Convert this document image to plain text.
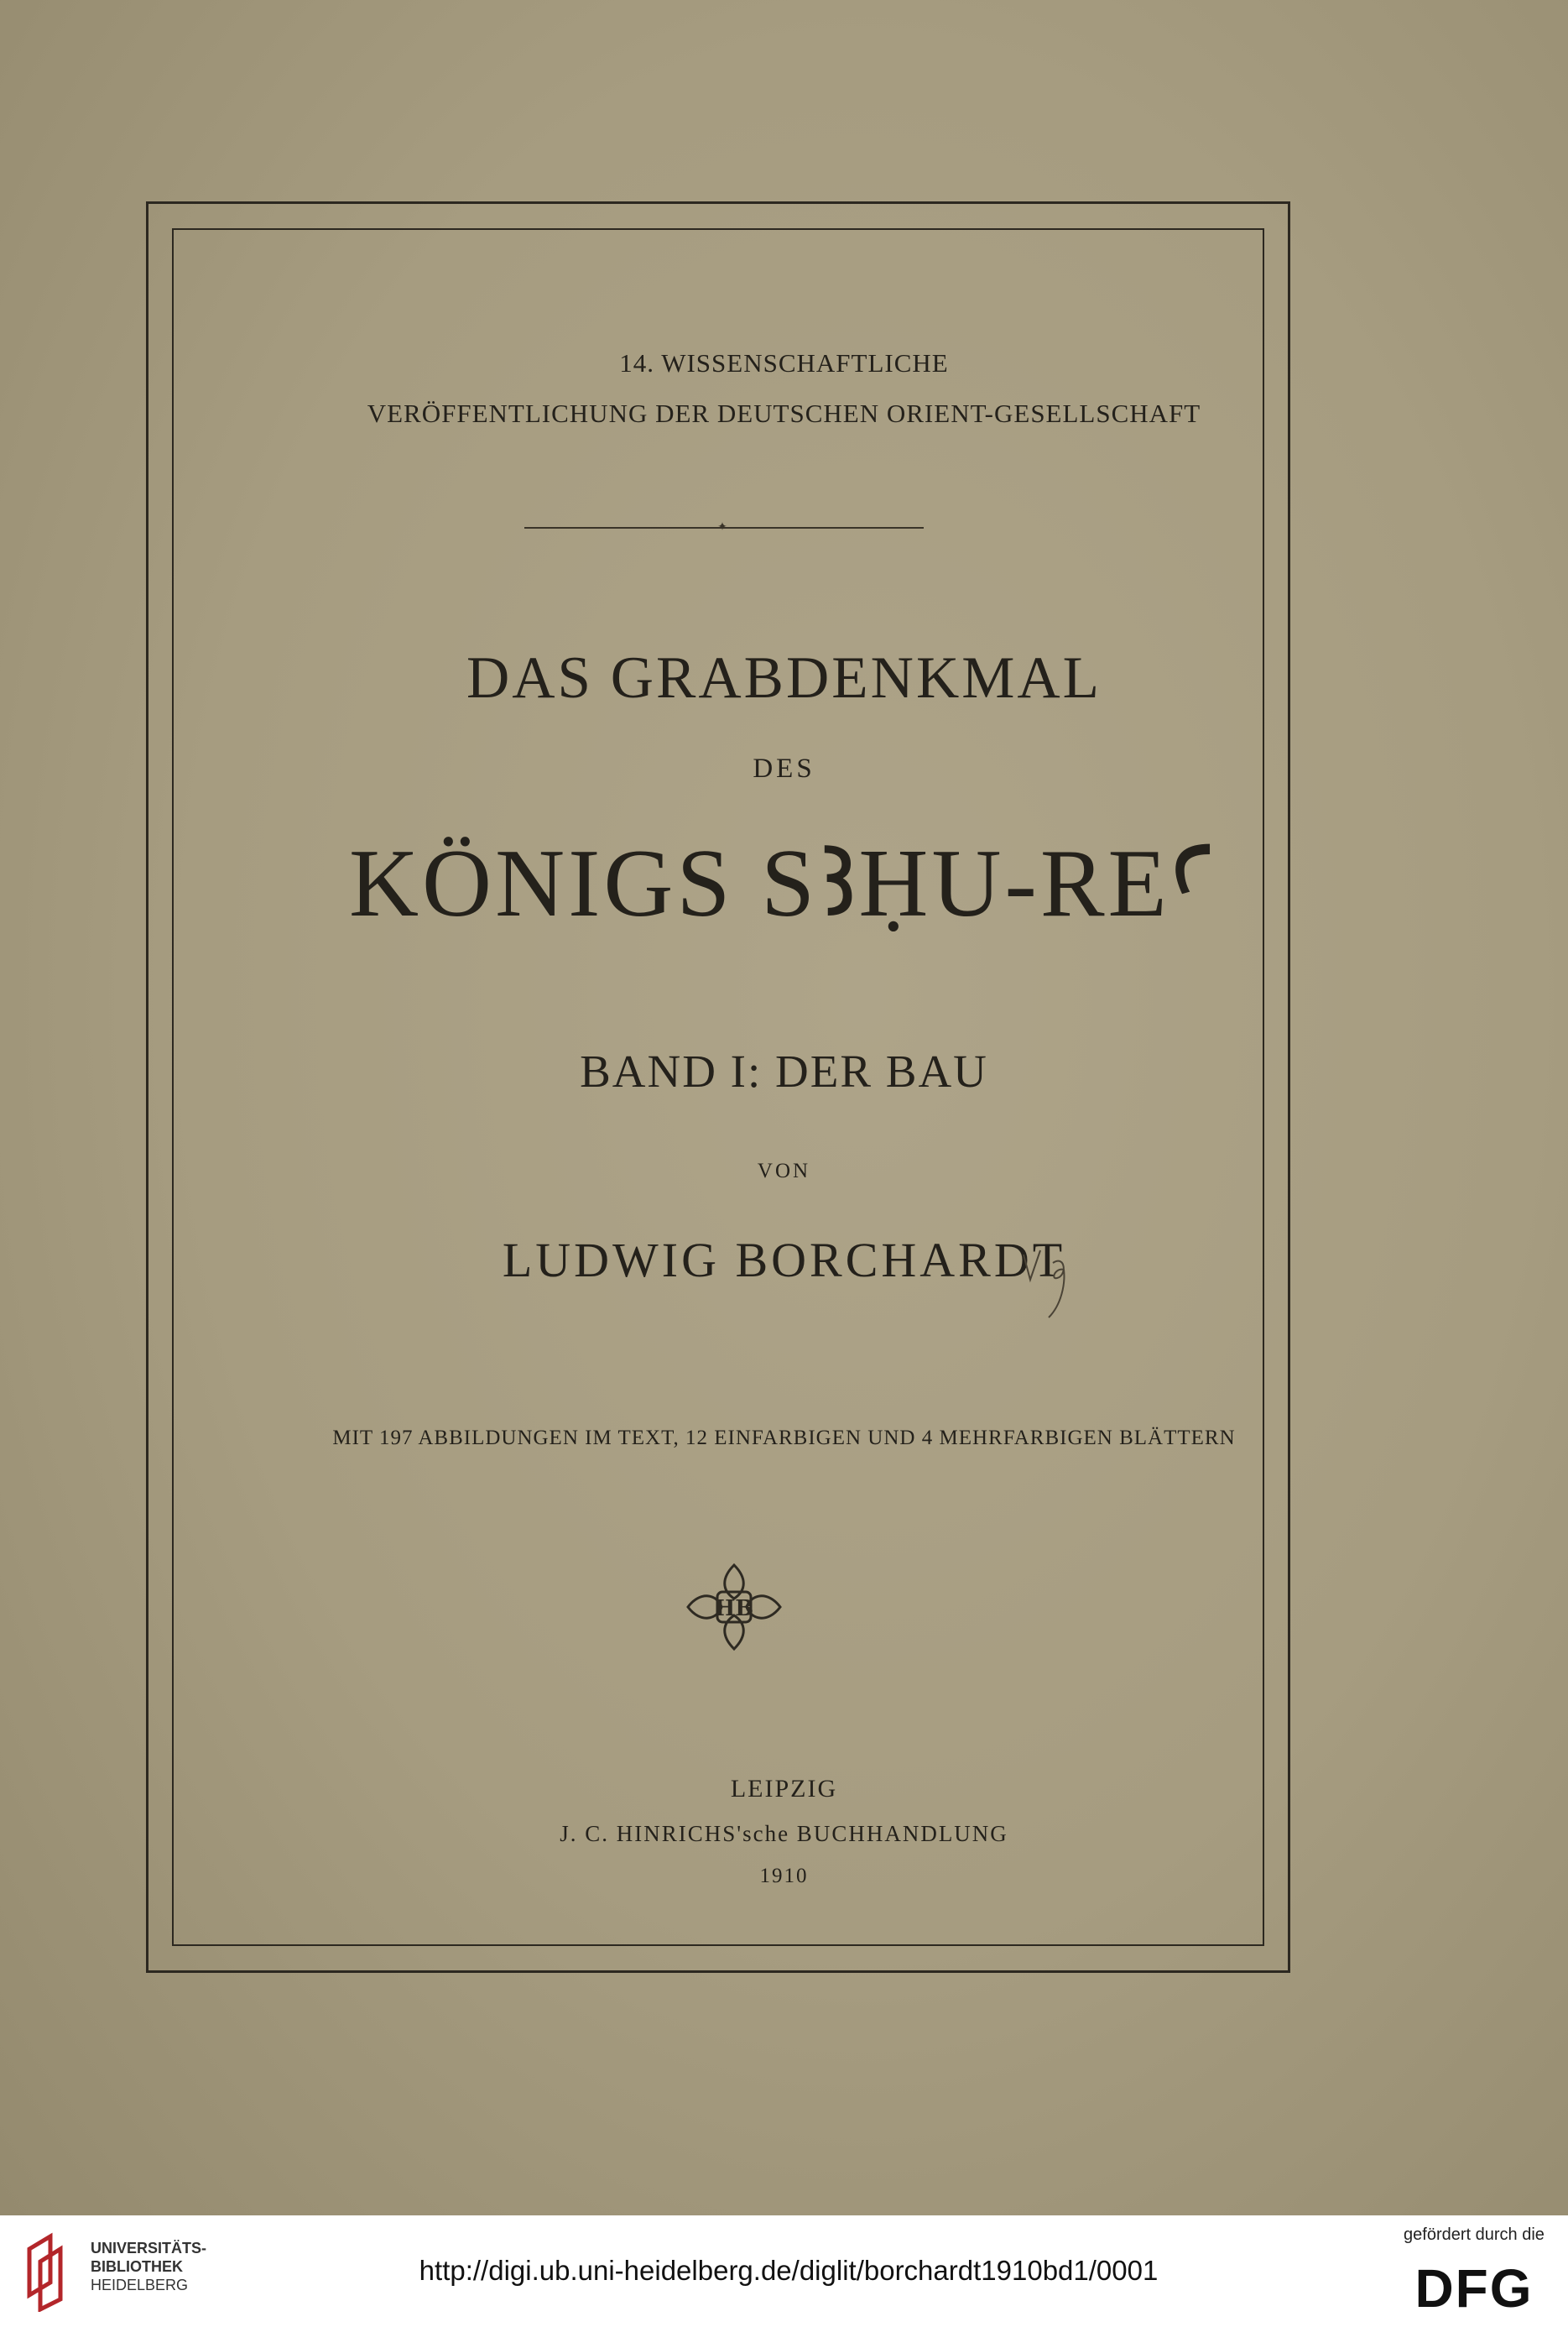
14. WISSENSCHAFTLICHE
VERÖFFENTLICHUNG DER DEUTSCHEN ORIENT-GESELLSCHAFT
✦
DAS GRABDENKMAL
DES
KÖNIGS SꜢḤU-REꜤ
BAND I: DER BAU
VON
LUDWIG BORCHARDT
MIT 197 ABBILDUNGEN IM TEXT, 12 EINFARBIGEN UND 4 MEHRFARBIGEN BLÄTTERN
HB
LEIPZIG
J. C. HINRICHS'sche BUCHHANDLUNG
1910
UNIVERSITÄTS-
BIBLIOTHEK
HEIDELBERG	http://digi.ub.uni-heidelberg.de/diglit/borchardt1910bd1/0001
gefördert durch die
DFG
